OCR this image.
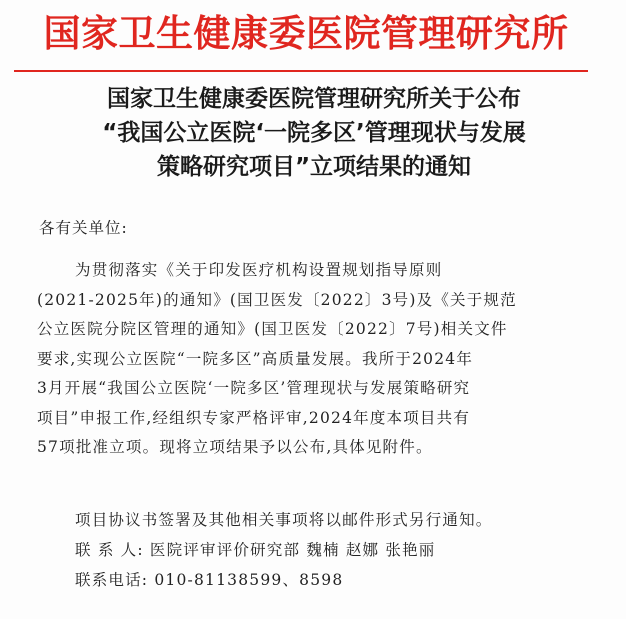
国家卫生健康委医院管理研究所
国家卫生健康委医院管理研究所关于公布
“我国公立医院‘一院多区’管理现状与发展
策略研究项目”立项结果的通知
各有关单位:
为贯彻落实《关于印发医疗机构设置规划指导原则
(2021-2025年)的通知》(国卫医发〔2022〕3号)及《关于规范
公立医院分院区管理的通知》(国卫医发〔2022〕7号)相关文件
要求,实现公立医院“一院多区”高质量发展。我所于2024年
3月开展“我国公立医院‘一院多区’管理现状与发展策略研究
项目”申报工作,经组织专家严格评审,2024年度本项目共有
57项批准立项。现将立项结果予以公布,具体见附件。
项目协议书签署及其他相关事项将以邮件形式另行通知。
联 系 人: 医院评审评价研究部 魏楠 赵娜 张艳丽
联系电话: 010-81138599、8598
